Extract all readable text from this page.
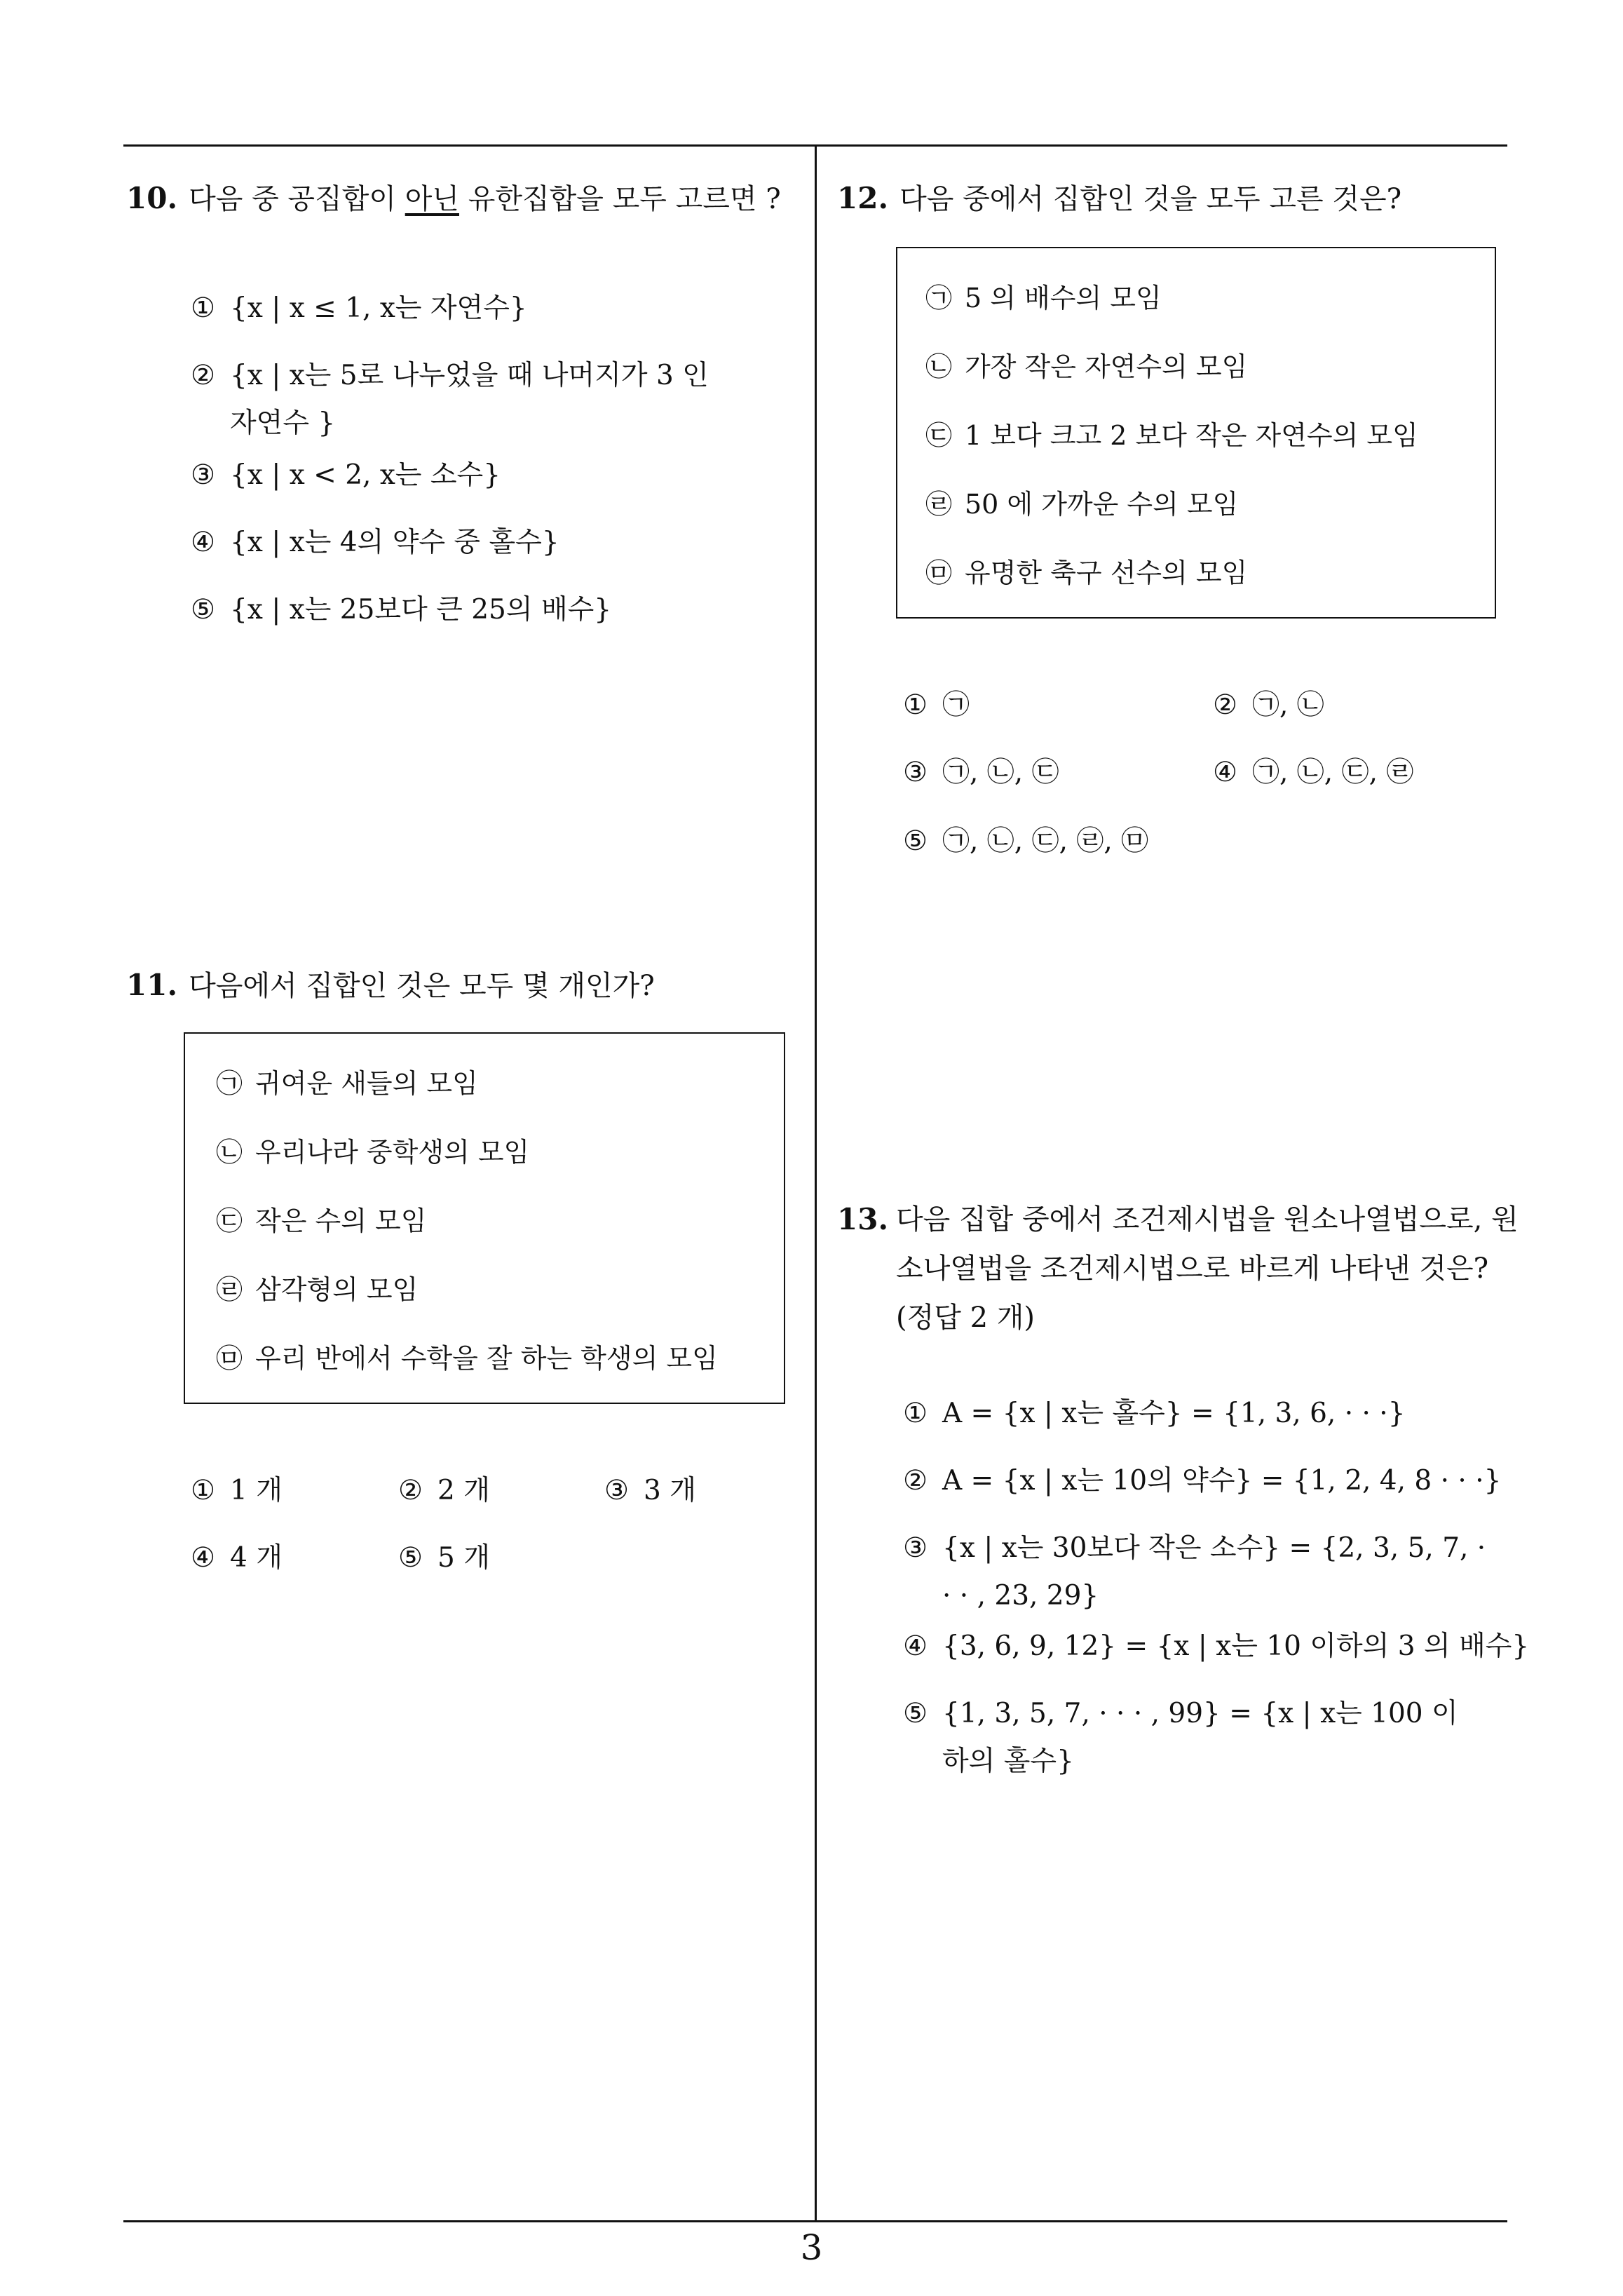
10. 다음 중 공집합이 아닌 유한집합을 모두 고르면 ?
① {x | x ≤ 1, x는 자연수}
② {x | x는 5로 나누었을 때 나머지가 3 인 자연수 }
③ {x | x < 2, x는 소수}
④ {x | x는 4의 약수 중 홀수}
⑤ {x | x는 25보다 큰 25의 배수}
11. 다음에서 집합인 것은 모두 몇 개인가?
㉠ 귀여운 새들의 모임
㉡ 우리나라 중학생의 모임
㉢ 작은 수의 모임
㉣ 삼각형의 모임
㉤ 우리 반에서 수학을 잘 하는 학생의 모임
① 1 개	② 2 개	③ 3 개
④ 4 개	⑤ 5 개
12. 다음 중에서 집합인 것을 모두 고른 것은?
㉠ 5 의 배수의 모임
㉡ 가장 작은 자연수의 모임
㉢ 1 보다 크고 2 보다 작은 자연수의 모임
㉣ 50 에 가까운 수의 모임
㉤ 유명한 축구 선수의 모임
① ㉠	② ㉠, ㉡
③ ㉠, ㉡, ㉢	④ ㉠, ㉡, ㉢, ㉣
⑤ ㉠, ㉡, ㉢, ㉣, ㉤
13. 다음 집합 중에서 조건제시법을 원소나열법으로, 원소나열법을 조건제시법으로 바르게 나타낸 것은? (정답 2 개)
① A = {x | x는 홀수} = {1, 3, 6, · · ·}
② A = {x | x는 10의 약수} = {1, 2, 4, 8 · · ·}
③ {x | x는 30보다 작은 소수} = {2, 3, 5, 7, · · · , 23, 29}
④ {3, 6, 9, 12} = {x | x는 10 이하의 3 의 배수}
⑤ {1, 3, 5, 7, · · · , 99} = {x | x는 100 이하의 홀수}
3
